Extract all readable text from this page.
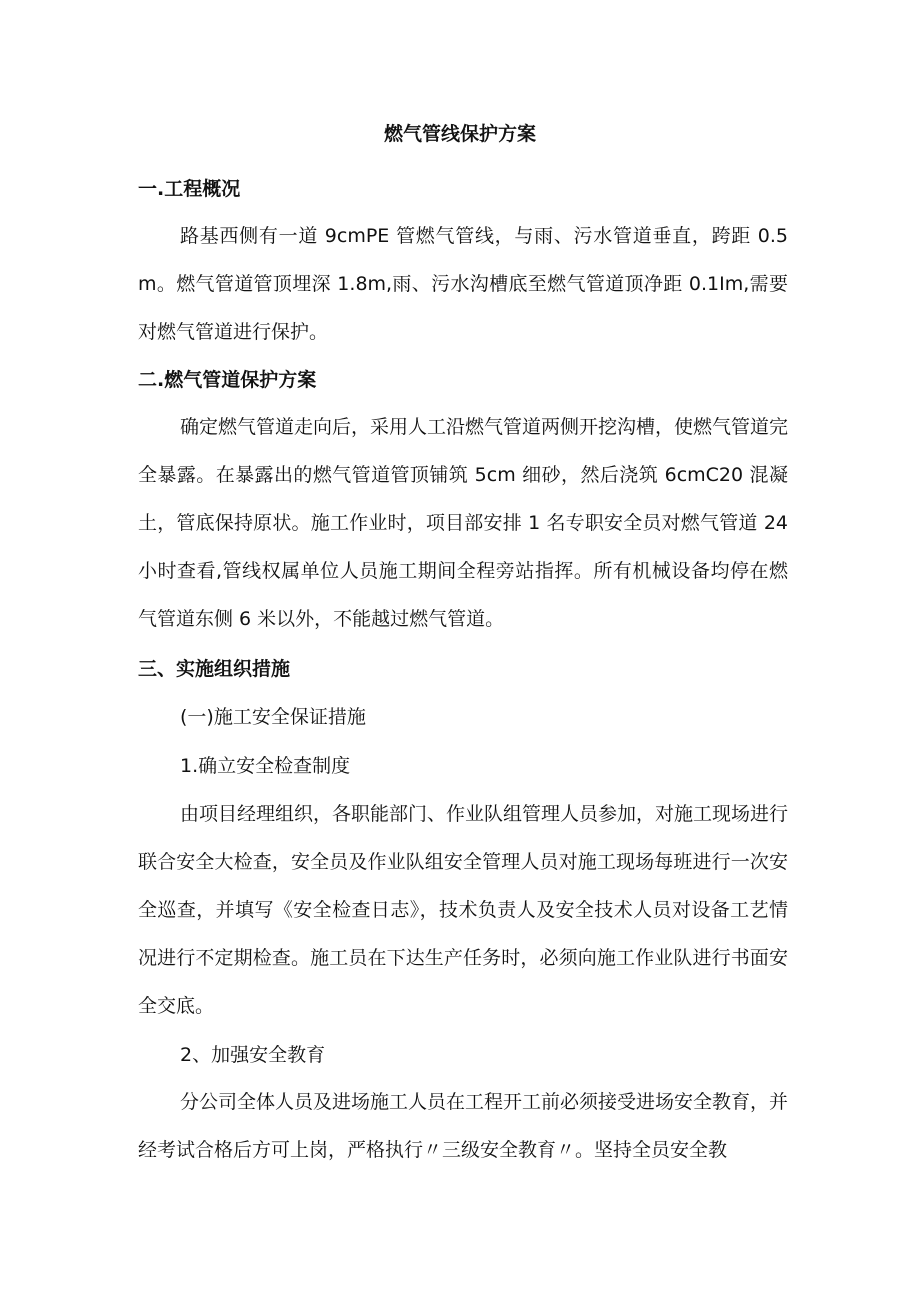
燃气管线保护方案
一.工程概况
路基西侧有一道 9cmPE 管燃气管线，与雨、污水管道垂直，跨距 0.5m。燃气管道管顶埋深 1.8m,雨、污水沟槽底至燃气管道顶净距 0.1Im,需要对燃气管道进行保护。
二.燃气管道保护方案
确定燃气管道走向后，采用人工沿燃气管道两侧开挖沟槽，使燃气管道完全暴露。在暴露出的燃气管道管顶铺筑 5cm 细砂，然后浇筑 6cmC20 混凝土，管底保持原状。施工作业时，项目部安排 1 名专职安全员对燃气管道 24 小时查看,管线权属单位人员施工期间全程旁站指挥。所有机械设备均停在燃气管道东侧 6 米以外，不能越过燃气管道。
三、实施组织措施
(一)施工安全保证措施
1.确立安全检查制度
由项目经理组织，各职能部门、作业队组管理人员参加，对施工现场进行联合安全大检查，安全员及作业队组安全管理人员对施工现场每班进行一次安全巡查，并填写《安全检查日志》，技术负责人及安全技术人员对设备工艺情况进行不定期检查。施工员在下达生产任务时，必须向施工作业队进行书面安全交底。
2、加强安全教育
分公司全体人员及进场施工人员在工程开工前必须接受进场安全教育，并经考试合格后方可上岗，严格执行〃三级安全教育〃。坚持全员安全教
